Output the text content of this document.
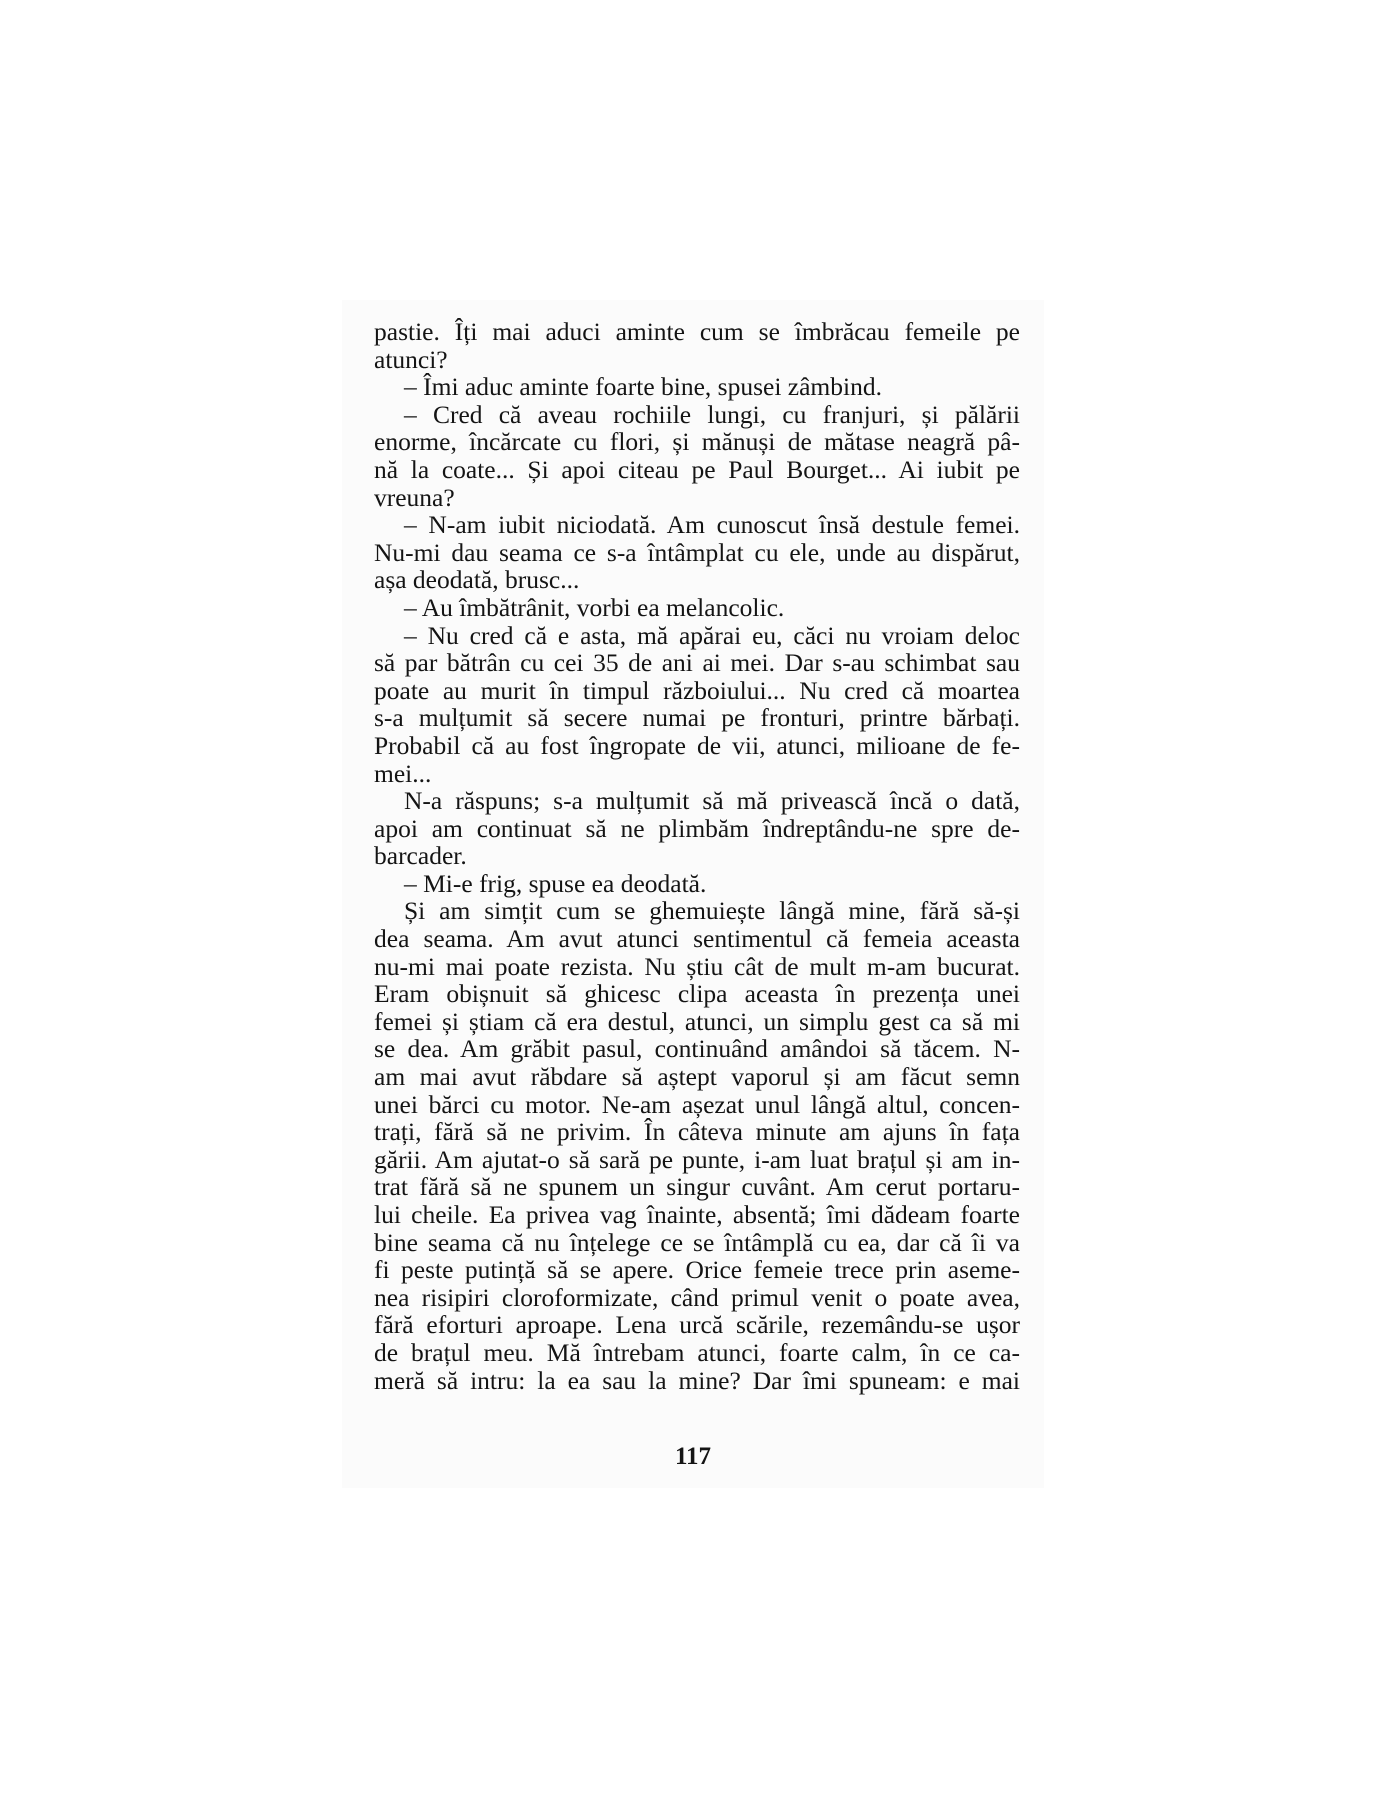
pastie. Îți mai aduci aminte cum se îmbrăcau femeile pe
atunci?
– Îmi aduc aminte foarte bine, spusei zâmbind.
– Cred că aveau rochiile lungi, cu franjuri, și pălării
enorme, încărcate cu flori, și mănuși de mătase neagră pâ-
nă la coate... Și apoi citeau pe Paul Bourget... Ai iubit pe
vreuna?
– N-am iubit niciodată. Am cunoscut însă destule femei.
Nu-mi dau seama ce s-a întâmplat cu ele, unde au dispărut,
așa deodată, brusc...
– Au îmbătrânit, vorbi ea melancolic.
– Nu cred că e asta, mă apărai eu, căci nu vroiam deloc
să par bătrân cu cei 35 de ani ai mei. Dar s-au schimbat sau
poate au murit în timpul războiului... Nu cred că moartea
s-a mulțumit să secere numai pe fronturi, printre bărbați.
Probabil că au fost îngropate de vii, atunci, milioane de fe-
mei...
N-a răspuns; s-a mulțumit să mă privească încă o dată,
apoi am continuat să ne plimbăm îndreptându-ne spre de-
barcader.
– Mi-e frig, spuse ea deodată.
Și am simțit cum se ghemuiește lângă mine, fără să-și
dea seama. Am avut atunci sentimentul că femeia aceasta
nu-mi mai poate rezista. Nu știu cât de mult m-am bucurat.
Eram obișnuit să ghicesc clipa aceasta în prezența unei
femei și știam că era destul, atunci, un simplu gest ca să mi
se dea. Am grăbit pasul, continuând amândoi să tăcem. N-
am mai avut răbdare să aștept vaporul și am făcut semn
unei bărci cu motor. Ne-am așezat unul lângă altul, concen-
trați, fără să ne privim. În câteva minute am ajuns în fața
gării. Am ajutat-o să sară pe punte, i-am luat brațul și am in-
trat fără să ne spunem un singur cuvânt. Am cerut portaru-
lui cheile. Ea privea vag înainte, absentă; îmi dădeam foarte
bine seama că nu înțelege ce se întâmplă cu ea, dar că îi va
fi peste putință să se apere. Orice femeie trece prin aseme-
nea risipiri cloroformizate, când primul venit o poate avea,
fără eforturi aproape. Lena urcă scările, rezemându-se ușor
de brațul meu. Mă întrebam atunci, foarte calm, în ce ca-
meră să intru: la ea sau la mine? Dar îmi spuneam: e mai
117
